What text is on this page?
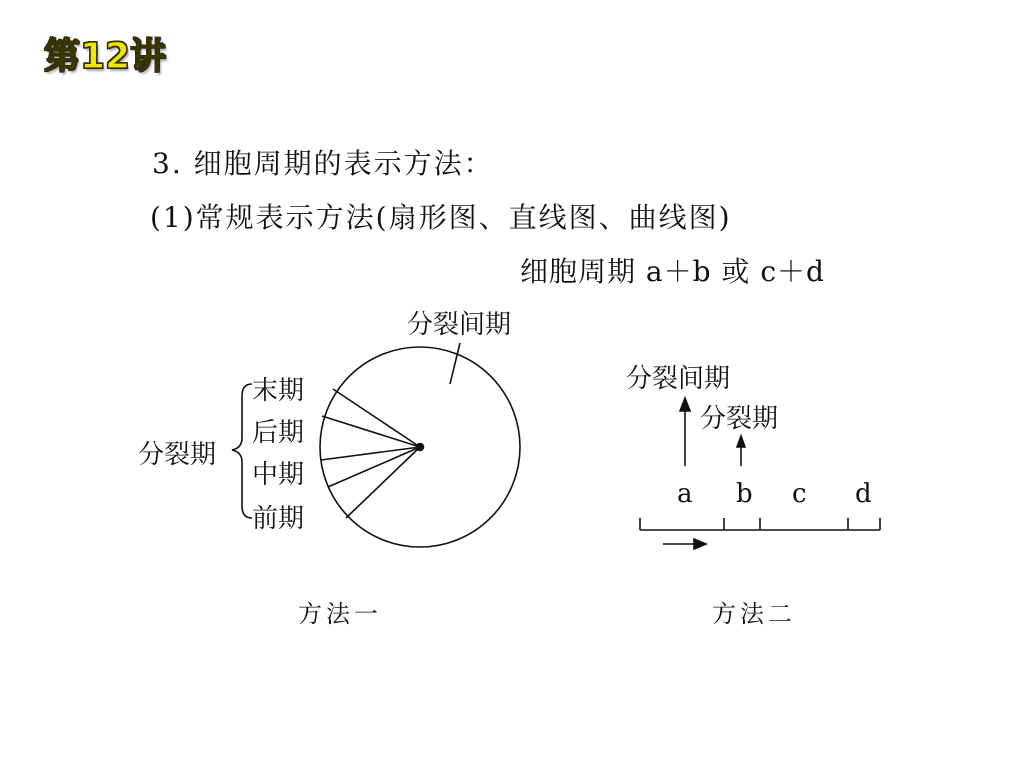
第12讲
3. 细胞周期的表示方法：
(1)常规表示方法(扇形图、直线图、曲线图)
细胞周期 a＋b 或 c＋d
分裂间期
末期
后期
中期
前期
分裂期
方法一
分裂间期
分裂期
a b c d
方法二
